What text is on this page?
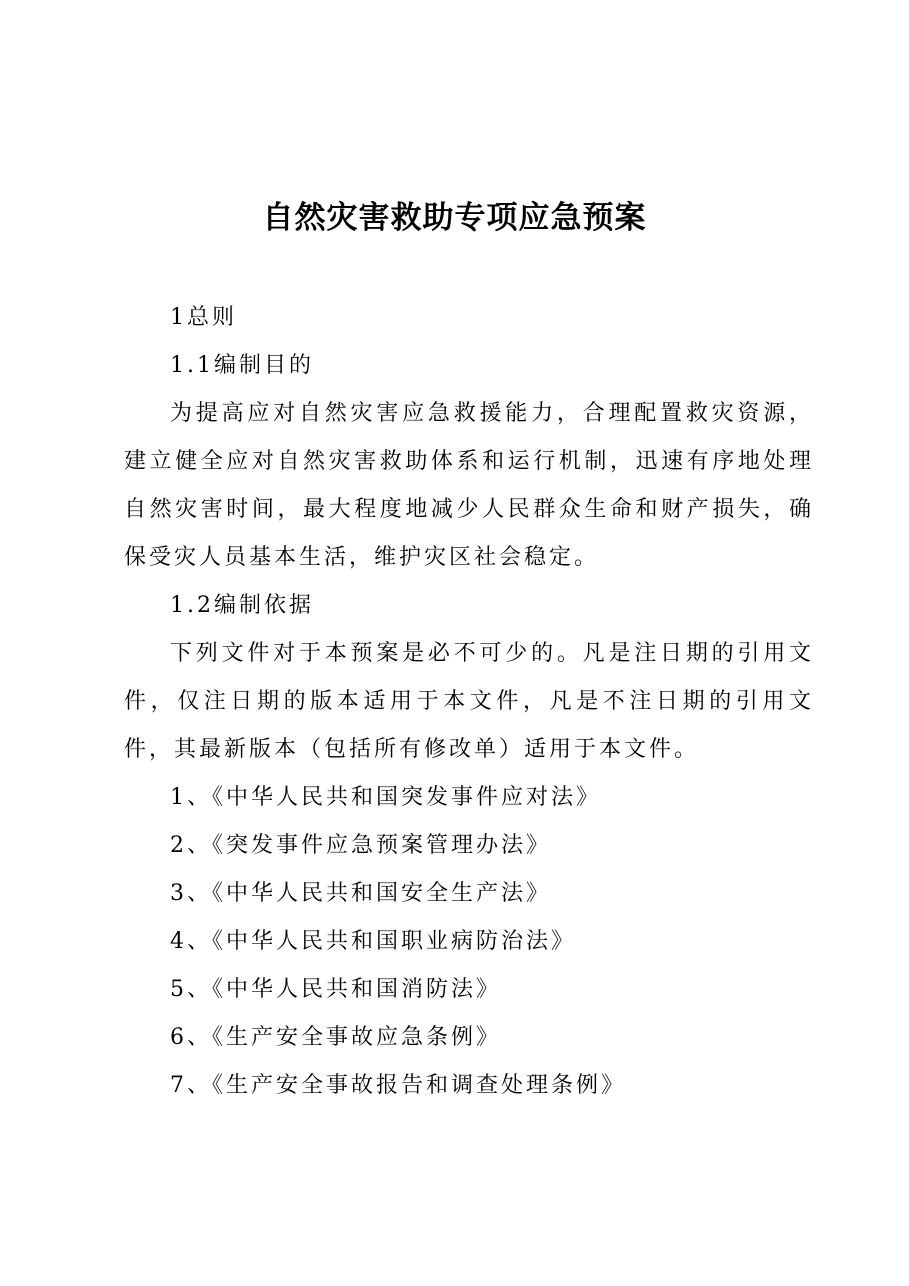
自然灾害救助专项应急预案

1总则

1.1编制目的

为提高应对自然灾害应急救援能力，合理配置救灾资源，建立健全应对自然灾害救助体系和运行机制，迅速有序地处理自然灾害时间，最大程度地减少人民群众生命和财产损失，确保受灾人员基本生活，维护灾区社会稳定。

1.2编制依据

下列文件对于本预案是必不可少的。凡是注日期的引用文件，仅注日期的版本适用于本文件，凡是不注日期的引用文件，其最新版本（包括所有修改单）适用于本文件。

1、《中华人民共和国突发事件应对法》

2、《突发事件应急预案管理办法》

3、《中华人民共和国安全生产法》

4、《中华人民共和国职业病防治法》

5、《中华人民共和国消防法》

6、《生产安全事故应急条例》

7、《生产安全事故报告和调查处理条例》
